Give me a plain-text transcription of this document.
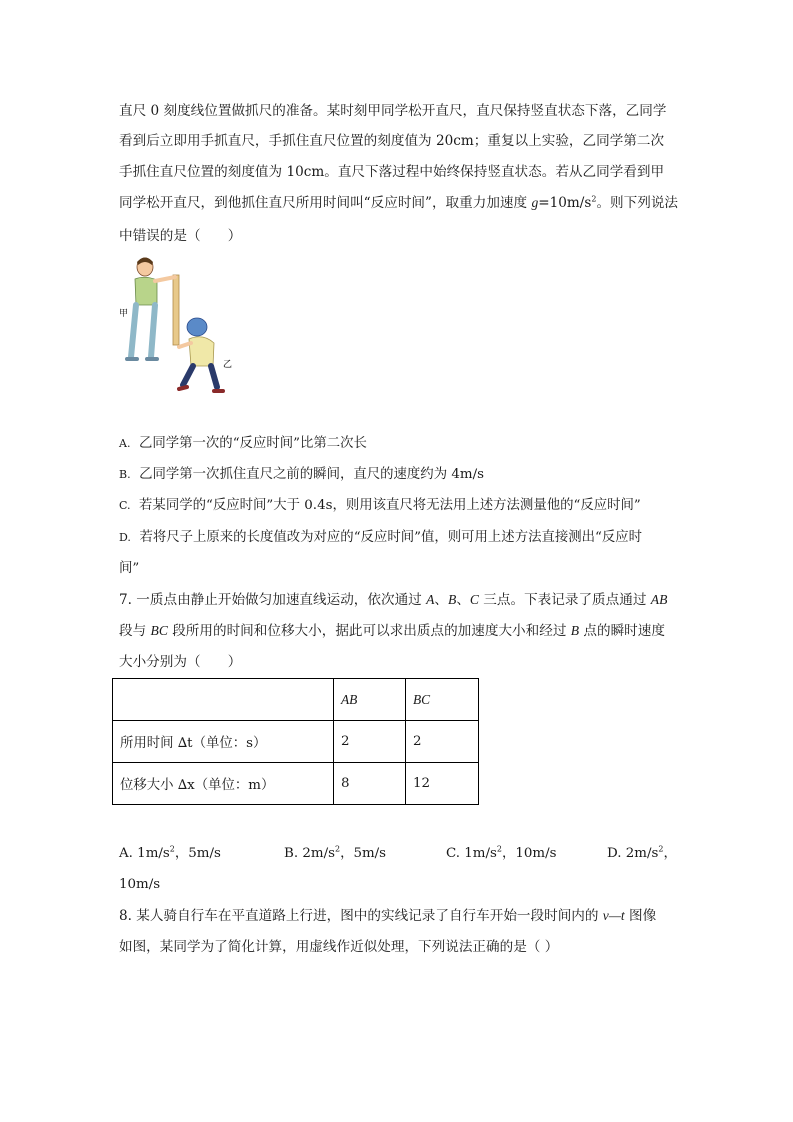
直尺 0 刻度线位置做抓尺的准备。某时刻甲同学松开直尺，直尺保持竖直状态下落，乙同学
看到后立即用手抓直尺，手抓住直尺位置的刻度值为 20cm；重复以上实验，乙同学第二次
手抓住直尺位置的刻度值为 10cm。直尺下落过程中始终保持竖直状态。若从乙同学看到甲
同学松开直尺，到他抓住直尺所用时间叫“反应时间”，取重力加速度 $g=10m/s^2$。则下列说法
中错误的是（　　）
甲
乙
A. 乙同学第一次的“反应时间”比第二次长
B. 乙同学第一次抓住直尺之前的瞬间，直尺的速度约为 4m/s
C. 若某同学的“反应时间”大于 0.4s，则用该直尺将无法用上述方法测量他的“反应时间”
D. 若将尺子上原来的长度值改为对应的“反应时间”值，则可用上述方法直接测出“反应时
间”
7. 一质点由静止开始做匀加速直线运动，依次通过 A、B、C 三点。下表记录了质点通过 AB
段与 BC 段所用的时间和位移大小，据此可以求出质点的加速度大小和经过 B 点的瞬时速度
大小分别为（　　）
	AB	BC
所用时间 ∆t（单位：s）	2	2
位移大小 ∆x（单位：m）	8	12
A. $1m/s^2$，5m/s	B. $2m/s^2$，5m/s	C. $1m/s^2$，10m/s	D. $2m/s^2$，
10m/s
8. 某人骑自行车在平直道路上行进，图中的实线记录了自行车开始一段时间内的 v—t 图像
如图，某同学为了简化计算，用虚线作近似处理，下列说法正确的是（ ）
